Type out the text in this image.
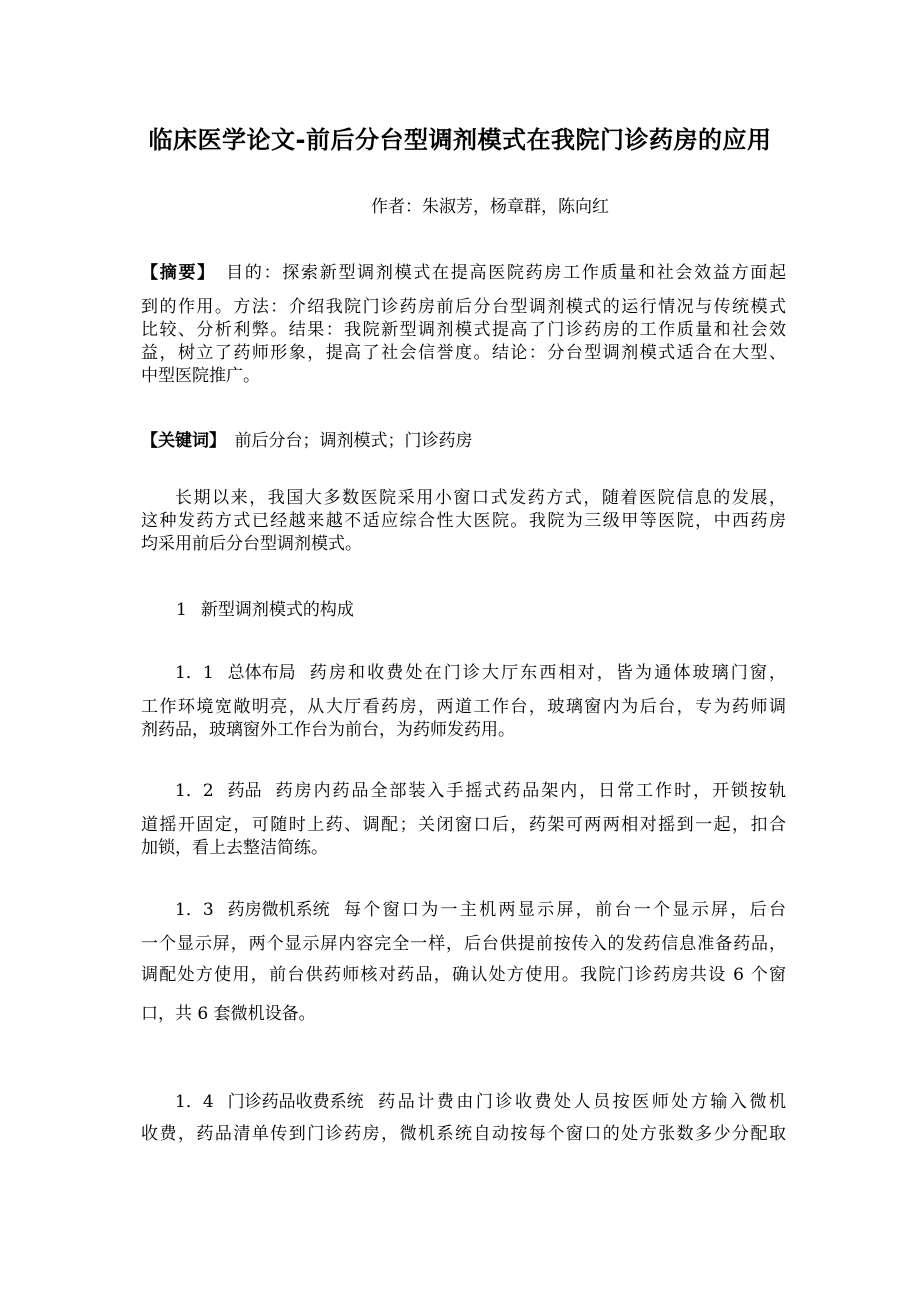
临床医学论文-前后分台型调剂模式在我院门诊药房的应用
作者：朱淑芳，杨章群，陈向红
【摘要】　 目的：探索新型调剂模式在提高医院药房工作质量和社会效益方面起
到的作用。方法：介绍我院门诊药房前后分台型调剂模式的运行情况与传统模式
比较、分析利弊。结果：我院新型调剂模式提高了门诊药房的工作质量和社会效
益，树立了药师形象，提高了社会信誉度。结论：分台型调剂模式适合在大型、
中型医院推广。
【关键词】　 前后分台；调剂模式；门诊药房
长期以来，我国大多数医院采用小窗口式发药方式，随着医院信息的发展，
这种发药方式已经越来越不适应综合性大医院。我院为三级甲等医院，中西药房
均采用前后分台型调剂模式。
1 新型调剂模式的构成
1．1 总体布局 药房和收费处在门诊大厅东西相对，皆为通体玻璃门窗，
工作环境宽敞明亮，从大厅看药房，两道工作台，玻璃窗内为后台，专为药师调
剂药品，玻璃窗外工作台为前台，为药师发药用。
1．2 药品 药房内药品全部装入手摇式药品架内，日常工作时，开锁按轨
道摇开固定，可随时上药、调配；关闭窗口后，药架可两两相对摇到一起，扣合
加锁，看上去整洁简练。
1．3 药房微机系统 每个窗口为一主机两显示屏，前台一个显示屏，后台
一个显示屏，两个显示屏内容完全一样，后台供提前按传入的发药信息准备药品，
调配处方使用，前台供药师核对药品，确认处方使用。我院门诊药房共设 6 个窗
口，共 6 套微机设备。
1．4 门诊药品收费系统 药品计费由门诊收费处人员按医师处方输入微机
收费，药品清单传到门诊药房，微机系统自动按每个窗口的处方张数多少分配取
